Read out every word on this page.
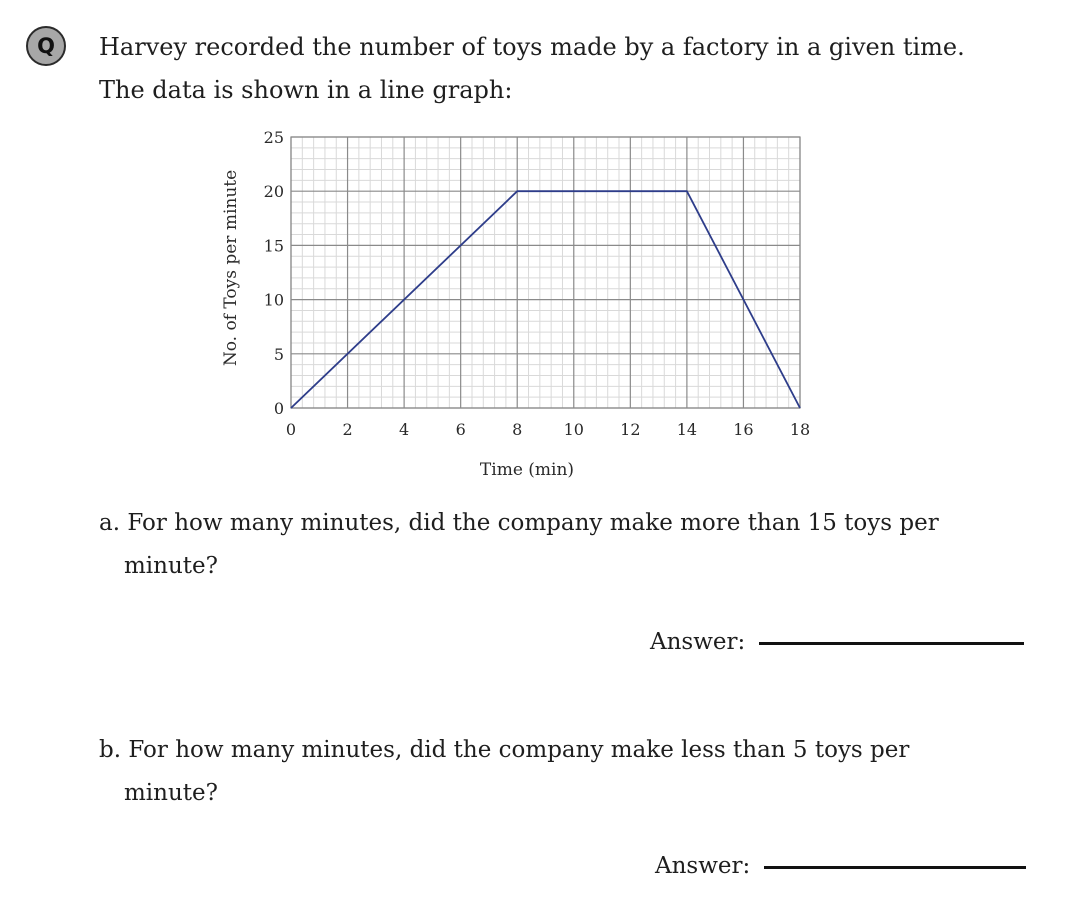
Q	Harvey recorded the number of toys made by a factory in a given time.
The data is shown in a line graph:
0	2	4	6	8	10 12 14 16 18
0
5
10
15
20
25
Time (min)
No. of Toys per minute
a. For how many minutes, did the company make more than 15 toys per
minute?
Answer:
b. For how many minutes, did the company make less than 5 toys per
minute?
Answer:
